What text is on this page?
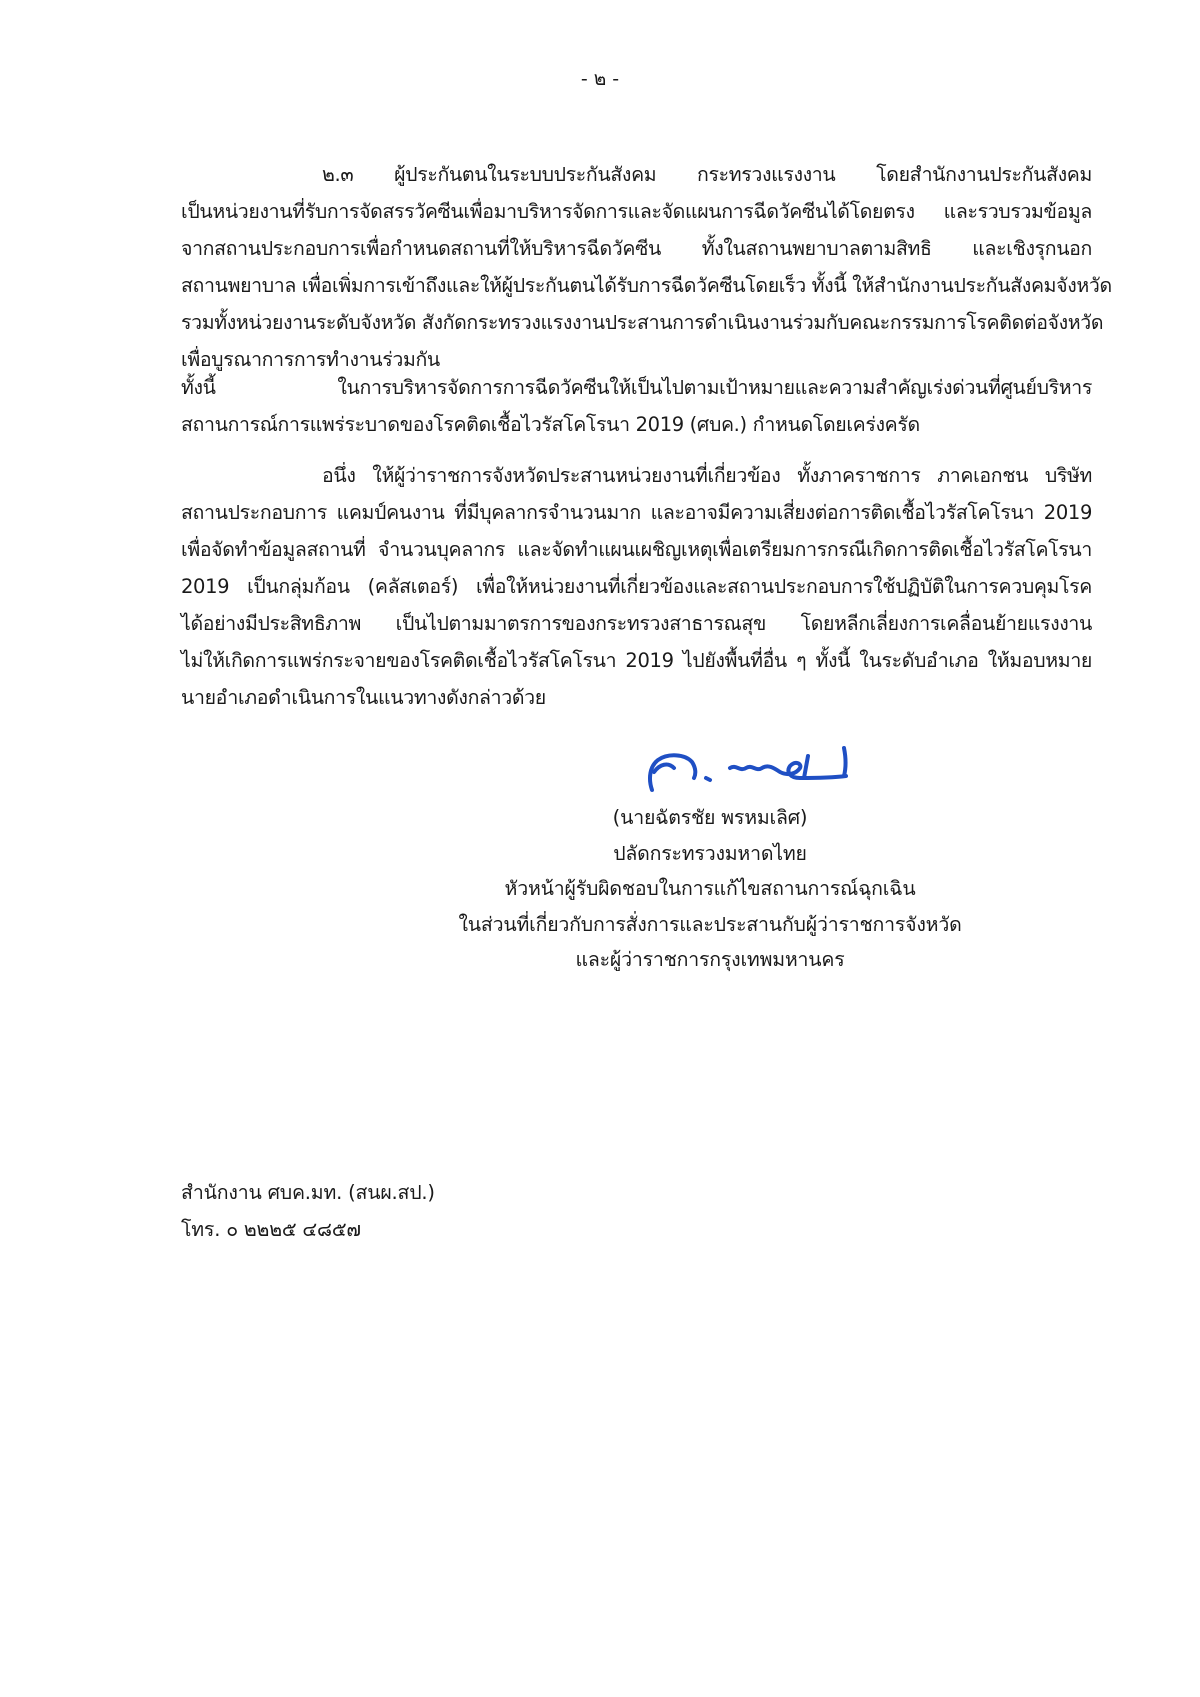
- ๒ -
๒.๓ ผู้ประกันตนในระบบประกันสังคม กระทรวงแรงงาน โดยสำนักงานประกันสังคม
เป็นหน่วยงานที่รับการจัดสรรวัคซีนเพื่อมาบริหารจัดการและจัดแผนการฉีดวัคซีนได้โดยตรง และรวบรวมข้อมูล
จากสถานประกอบการเพื่อกำหนดสถานที่ให้บริหารฉีดวัคซีน ทั้งในสถานพยาบาลตามสิทธิ และเชิงรุกนอก
สถานพยาบาล เพื่อเพิ่มการเข้าถึงและให้ผู้ประกันตนได้รับการฉีดวัคซีนโดยเร็ว ทั้งนี้ ให้สำนักงานประกันสังคมจังหวัด
รวมทั้งหน่วยงานระดับจังหวัด สังกัดกระทรวงแรงงานประสานการดำเนินงานร่วมกับคณะกรรมการโรคติดต่อจังหวัด
เพื่อบูรณาการการทำงานร่วมกัน
ทั้งนี้ ในการบริหารจัดการการฉีดวัคซีนให้เป็นไปตามเป้าหมายและความสำคัญเร่งด่วนที่ศูนย์บริหาร
สถานการณ์การแพร่ระบาดของโรคติดเชื้อไวรัสโคโรนา 2019 (ศบค.) กำหนดโดยเคร่งครัด
อนึ่ง ให้ผู้ว่าราชการจังหวัดประสานหน่วยงานที่เกี่ยวข้อง ทั้งภาคราชการ ภาคเอกชน บริษัท
สถานประกอบการ แคมป์คนงาน ที่มีบุคลากรจำนวนมาก และอาจมีความเสี่ยงต่อการติดเชื้อไวรัสโคโรนา 2019
เพื่อจัดทำข้อมูลสถานที่ จำนวนบุคลากร และจัดทำแผนเผชิญเหตุเพื่อเตรียมการกรณีเกิดการติดเชื้อไวรัสโคโรนา
2019 เป็นกลุ่มก้อน (คลัสเตอร์) เพื่อให้หน่วยงานที่เกี่ยวข้องและสถานประกอบการใช้ปฏิบัติในการควบคุมโรค
ได้อย่างมีประสิทธิภาพ เป็นไปตามมาตรการของกระทรวงสาธารณสุข โดยหลีกเลี่ยงการเคลื่อนย้ายแรงงาน
ไม่ให้เกิดการแพร่กระจายของโรคติดเชื้อไวรัสโคโรนา 2019 ไปยังพื้นที่อื่น ๆ ทั้งนี้ ในระดับอำเภอ ให้มอบหมาย
นายอำเภอดำเนินการในแนวทางดังกล่าวด้วย
(นายฉัตรชัย พรหมเลิศ)
ปลัดกระทรวงมหาดไทย
หัวหน้าผู้รับผิดชอบในการแก้ไขสถานการณ์ฉุกเฉิน
ในส่วนที่เกี่ยวกับการสั่งการและประสานกับผู้ว่าราชการจังหวัด
และผู้ว่าราชการกรุงเทพมหานคร
สำนักงาน ศบค.มท. (สนผ.สป.)
โทร. ๐ ๒๒๒๕ ๔๘๕๗
